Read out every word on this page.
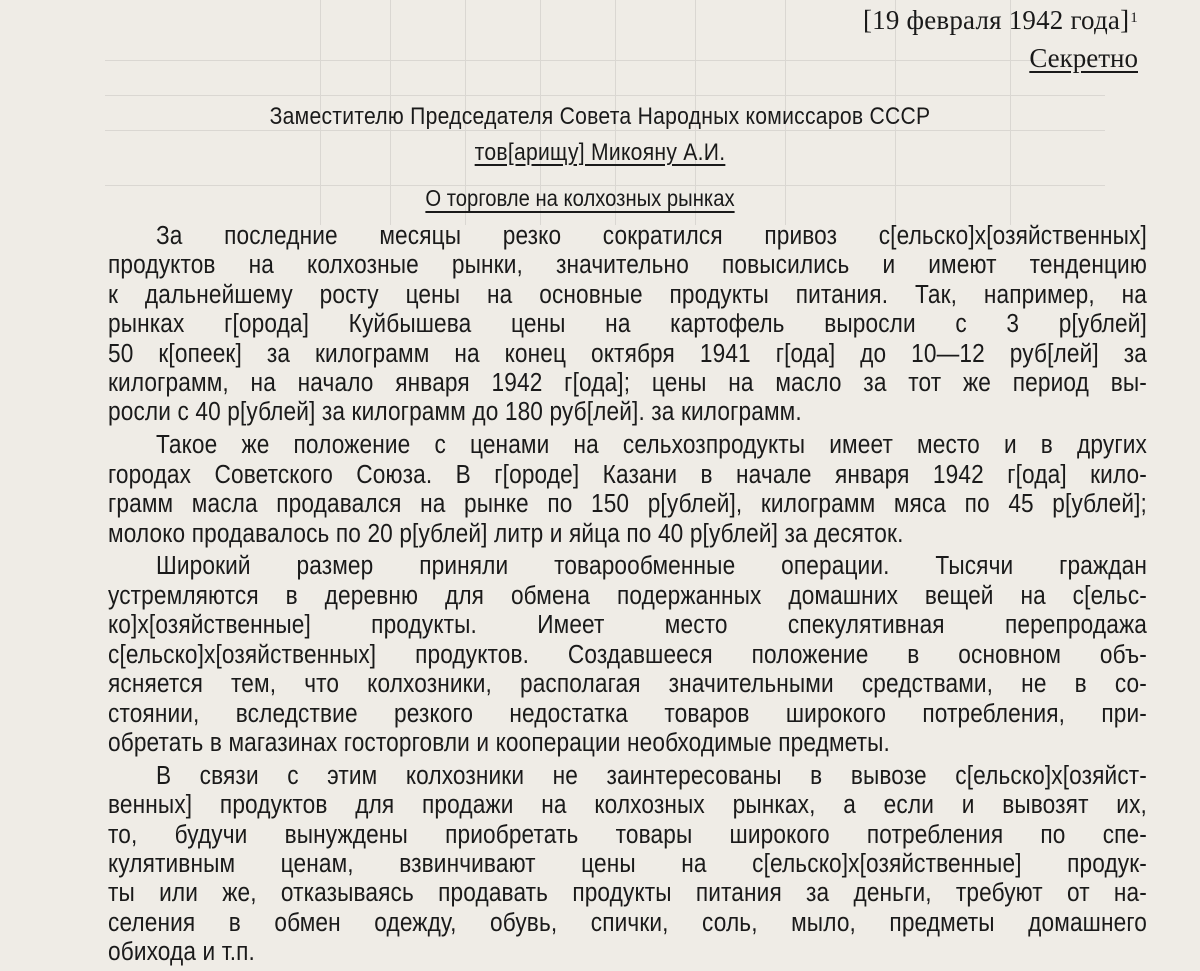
[19 февраля 1942 года]$^1$
Секретно
Заместителю Председателя Совета Народных комиссаров СССР
тов[арищу] Микояну А.И.
О торговле на колхозных рынках
За последние месяцы резко сократился привоз с[ельско]х[озяйственных]
продуктов на колхозные рынки, значительно повысились и имеют тенденцию
к дальнейшему росту цены на основные продукты питания. Так, например, на
рынках г[орода] Куйбышева цены на картофель выросли с 3 р[ублей]
50 к[опеек] за килограмм на конец октября 1941 г[ода] до 10—12 руб[лей] за
килограмм, на начало января 1942 г[ода]; цены на масло за тот же период вы-
росли с 40 р[ублей] за килограмм до 180 руб[лей]. за килограмм.
Такое же положение с ценами на сельхозпродукты имеет место и в других
городах Советского Союза. В г[ороде] Казани в начале января 1942 г[ода] кило-
грамм масла продавался на рынке по 150 р[ублей], килограмм мяса по 45 р[ублей];
молоко продавалось по 20 р[ублей] литр и яйца по 40 р[ублей] за десяток.
Широкий размер приняли товарообменные операции. Тысячи граждан
устремляются в деревню для обмена подержанных домашних вещей на с[ельс-
ко]х[озяйственные] продукты. Имеет место спекулятивная перепродажа
с[ельско]х[озяйственных] продуктов. Создавшееся положение в основном объ-
ясняется тем, что колхозники, располагая значительными средствами, не в со-
стоянии, вследствие резкого недостатка товаров широкого потребления, при-
обретать в магазинах госторговли и кооперации необходимые предметы.
В связи с этим колхозники не заинтересованы в вывозе с[ельско]х[озяйст-
венных] продуктов для продажи на колхозных рынках, а если и вывозят их,
то, будучи вынуждены приобретать товары широкого потребления по спе-
кулятивным ценам, взвинчивают цены на с[ельско]х[озяйственные] продук-
ты или же, отказываясь продавать продукты питания за деньги, требуют от на-
селения в обмен одежду, обувь, спички, соль, мыло, предметы домашнего
обихода и т.п.
